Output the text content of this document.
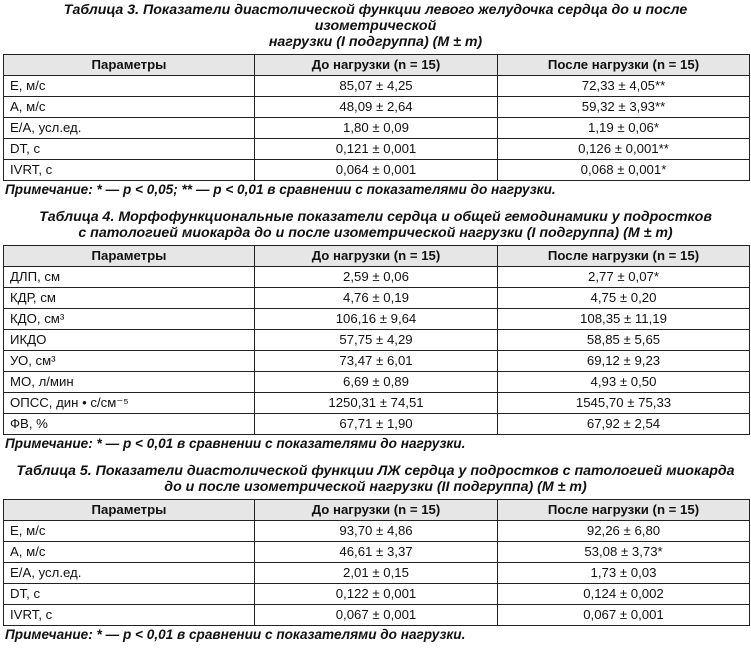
Таблица 3. Показатели диастолической функции левого желудочка сердца до и после изометрической
нагрузки (I подгруппа) (M ± m)

Параметры	До нагрузки (n = 15)	После нагрузки (n = 15)
E, м/с	85,07 ± 4,25	72,33 ± 4,05**
A, м/с	48,09 ± 2,64	59,32 ± 3,93**
E/A, усл.ед.	1,80 ± 0,09	1,19 ± 0,06*
DT, с	0,121 ± 0,001	0,126 ± 0,001**
IVRT, с	0,064 ± 0,001	0,068 ± 0,001*

Примечание: * — p < 0,05; ** — p < 0,01 в сравнении с показателями до нагрузки.

Таблица 4. Морфофункциональные показатели сердца и общей гемодинамики у подростков
с патологией миокарда до и после изометрической нагрузки (I подгруппа) (M ± m)

Параметры	До нагрузки (n = 15)	После нагрузки (n = 15)
ДЛП, см	2,59 ± 0,06	2,77 ± 0,07*
КДР, см	4,76 ± 0,19	4,75 ± 0,20
КДО, см³	106,16 ± 9,64	108,35 ± 11,19
ИКДО	57,75 ± 4,29	58,85 ± 5,65
УО, см³	73,47 ± 6,01	69,12 ± 9,23
МО, л/мин	6,69 ± 0,89	4,93 ± 0,50
ОПСС, дин • с/см⁻⁵	1250,31 ± 74,51	1545,70 ± 75,33
ФВ, %	67,71 ± 1,90	67,92 ± 2,54

Примечание: * — p < 0,01 в сравнении с показателями до нагрузки.

Таблица 5. Показатели диастолической функции ЛЖ сердца у подростков с патологией миокарда
до и после изометрической нагрузки (II подгруппа) (M ± m)

Параметры	До нагрузки (n = 15)	После нагрузки (n = 15)
E, м/с	93,70 ± 4,86	92,26 ± 6,80
A, м/с	46,61 ± 3,37	53,08 ± 3,73*
E/A, усл.ед.	2,01 ± 0,15	1,73 ± 0,03
DT, с	0,122 ± 0,001	0,124 ± 0,002
IVRT, с	0,067 ± 0,001	0,067 ± 0,001

Примечание: * — p < 0,01 в сравнении с показателями до нагрузки.
